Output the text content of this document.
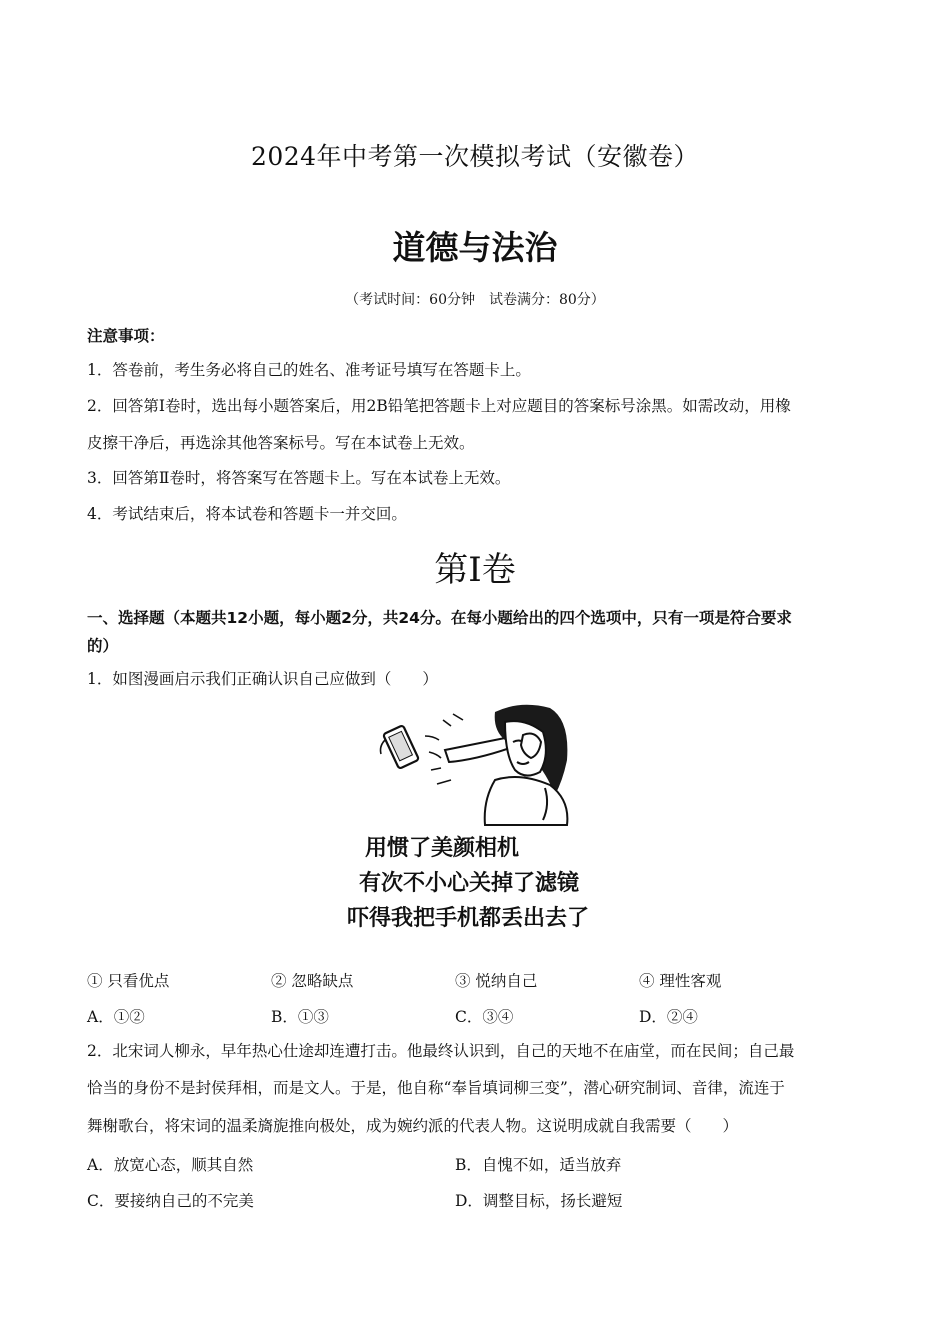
2024年中考第一次模拟考试（安徽卷）
道德与法治
（考试时间：60分钟　试卷满分：80分）
注意事项：
1．答卷前，考生务必将自己的姓名、准考证号填写在答题卡上。
2．回答第Ⅰ卷时，选出每小题答案后，用2B铅笔把答题卡上对应题目的答案标号涂黑。如需改动，用橡
皮擦干净后，再选涂其他答案标号。写在本试卷上无效。
3．回答第Ⅱ卷时，将答案写在答题卡上。写在本试卷上无效。
4．考试结束后，将本试卷和答题卡一并交回。
第Ⅰ卷
一、选择题（本题共12小题，每小题2分，共24分。在每小题给出的四个选项中，只有一项是符合要求
的）
1．如图漫画启示我们正确认识自己应做到（　　）
用惯了美颜相机
有次不小心关掉了滤镜
吓得我把手机都丢出去了
① 只看优点	② 忽略缺点	③ 悦纳自己	④ 理性客观
A．①②	B．①③	C．③④	D．②④
2．北宋词人柳永，早年热心仕途却连遭打击。他最终认识到，自己的天地不在庙堂，而在民间；自己最
恰当的身份不是封侯拜相，而是文人。于是，他自称“奉旨填词柳三变”，潜心研究制词、音律，流连于
舞榭歌台，将宋词的温柔旖旎推向极处，成为婉约派的代表人物。这说明成就自我需要（　　）
A．放宽心态，顺其自然	B．自愧不如，适当放弃
C．要接纳自己的不完美	D．调整目标，扬长避短
